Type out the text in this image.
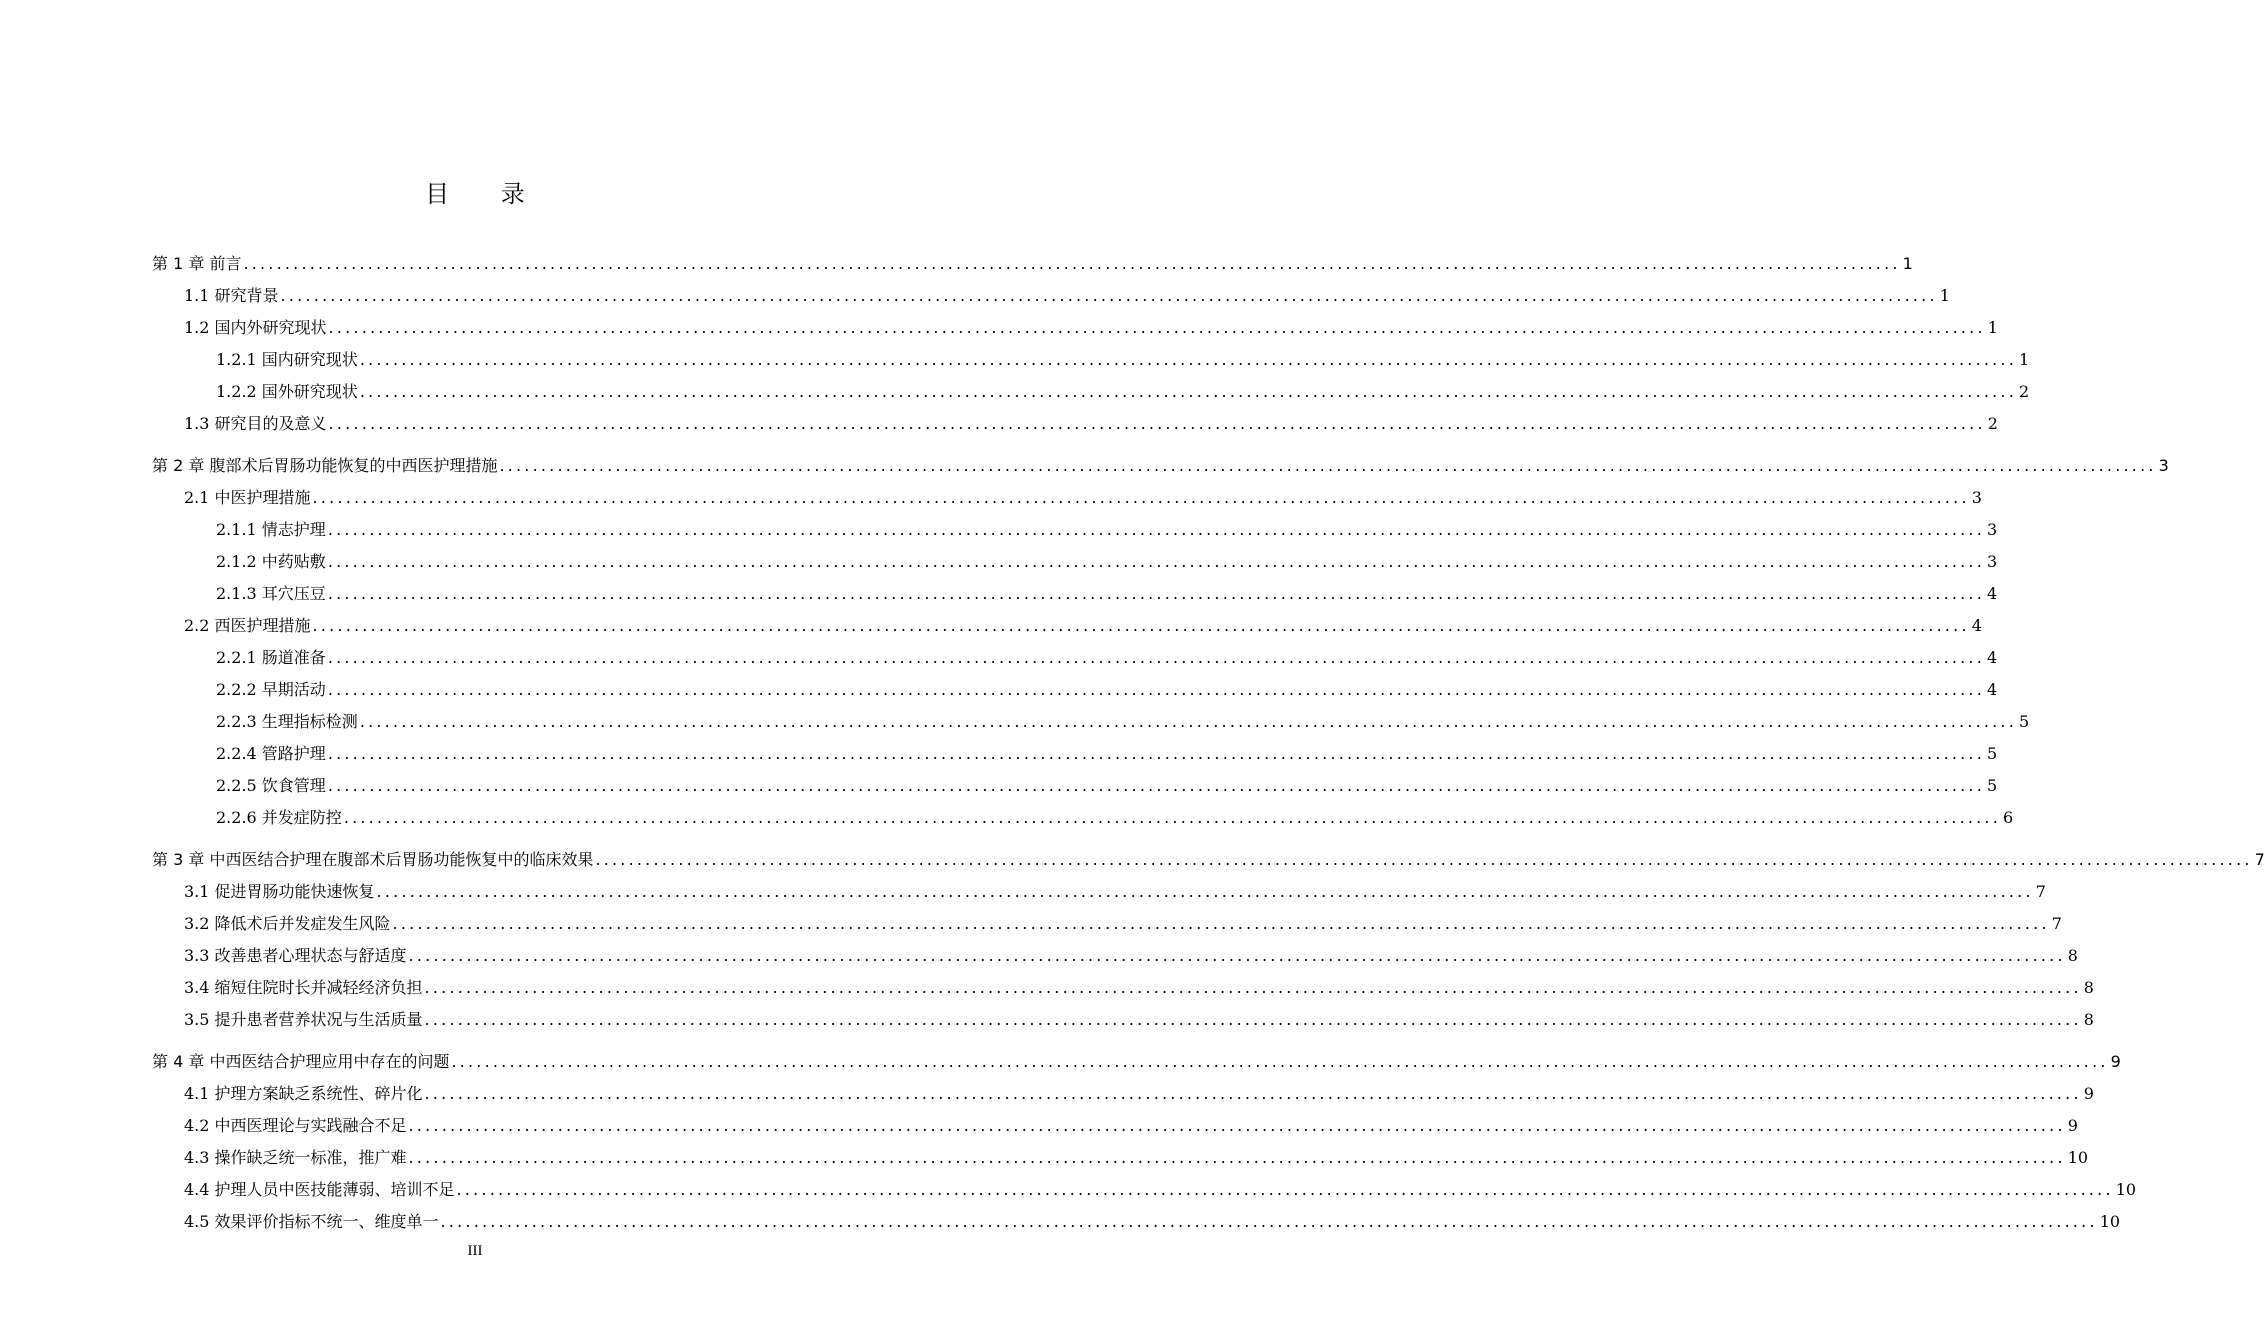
目 录
第 1 章 前言 ........................................................................................................................................................................................................ 1
1.1 研究背景 ........................................................................................................................................................................................................ 1
1.2 国内外研究现状 ........................................................................................................................................................................................................ 1
1.2.1 国内研究现状 ........................................................................................................................................................................................................ 1
1.2.2 国外研究现状 ........................................................................................................................................................................................................ 2
1.3 研究目的及意义 ........................................................................................................................................................................................................ 2
第 2 章 腹部术后胃肠功能恢复的中西医护理措施 ........................................................................................................................................................................................................ 3
2.1 中医护理措施 ........................................................................................................................................................................................................ 3
2.1.1 情志护理 ........................................................................................................................................................................................................ 3
2.1.2 中药贴敷 ........................................................................................................................................................................................................ 3
2.1.3 耳穴压豆 ........................................................................................................................................................................................................ 4
2.2 西医护理措施 ........................................................................................................................................................................................................ 4
2.2.1 肠道准备 ........................................................................................................................................................................................................ 4
2.2.2 早期活动 ........................................................................................................................................................................................................ 4
2.2.3 生理指标检测 ........................................................................................................................................................................................................ 5
2.2.4 管路护理 ........................................................................................................................................................................................................ 5
2.2.5 饮食管理 ........................................................................................................................................................................................................ 5
2.2.6 并发症防控 ........................................................................................................................................................................................................ 6
第 3 章 中西医结合护理在腹部术后胃肠功能恢复中的临床效果 ........................................................................................................................................................................................................ 7
3.1 促进胃肠功能快速恢复 ........................................................................................................................................................................................................ 7
3.2 降低术后并发症发生风险 ........................................................................................................................................................................................................ 7
3.3 改善患者心理状态与舒适度 ........................................................................................................................................................................................................ 8
3.4 缩短住院时长并减轻经济负担 ........................................................................................................................................................................................................ 8
3.5 提升患者营养状况与生活质量 ........................................................................................................................................................................................................ 8
第 4 章 中西医结合护理应用中存在的问题 ........................................................................................................................................................................................................ 9
4.1 护理方案缺乏系统性、碎片化 ........................................................................................................................................................................................................ 9
4.2 中西医理论与实践融合不足 ........................................................................................................................................................................................................ 9
4.3 操作缺乏统一标准，推广难 ........................................................................................................................................................................................................ 10
4.4 护理人员中医技能薄弱、培训不足 ........................................................................................................................................................................................................ 10
4.5 效果评价指标不统一、维度单一 ........................................................................................................................................................................................................ 10
III
